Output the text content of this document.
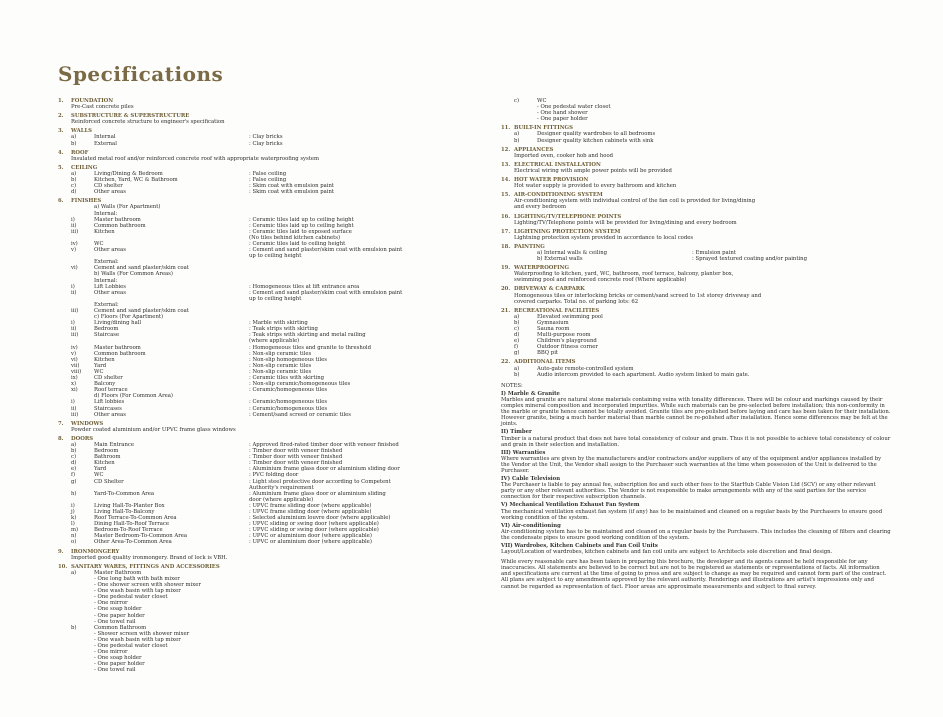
Specifications
1. FOUNDATION
Pre-Cast concrete piles
2. SUBSTRUCTURE & SUPERSTRUCTURE
Reinforced concrete structure to engineer's specification
3. WALLS
a)	Internal	: Clay bricks
b)	External	: Clay bricks
4. ROOF
Insulated metal roof and/or reinforced concrete roof with appropriate waterproofing system
5. CEILING
a)	Living/Dining & Bedroom	: False ceiling
b)	Kitchen, Yard, WC & Bathroom	: False ceiling
c)	CD shelter	: Skim coat with emulsion paint
d)	Other areas	: Skim coat with emulsion paint
6. FINISHES
a) Walls (For Apartment)
Internal:
i)	Master bathroom	: Ceramic tiles laid up to ceiling height
ii)	Common bathroom	: Ceramic tiles laid up to ceiling height
iii)	Kitchen	: Ceramic tiles laid to exposed surface
(No tiles behind kitchen cabinets)
iv)	WC	: Ceramic tiles laid to ceiling height
v)	Other areas	: Cement and sand plaster/skim coat with emulsion paint
up to ceiling height
External:
vi)	Cement and sand plaster/skim coat
b) Walls (For Common Areas)
Internal:
i)	Lift Lobbies	: Homogeneous tiles at lift entrance area
ii)	Other areas	: Cement and sand plaster/skim coat with emulsion paint
up to ceiling height
External:
iii)	Cement and sand plaster/skim coat
c) Floors (For Apartment)
i)	Living/dining hall	: Marble with skirting
ii)	Bedroom	: Teak strips with skirting
iii)	Staircase	: Teak strips with skirting and metal railing
(where applicable)
iv)	Master bathroom	: Homogeneous tiles and granite to threshold
v)	Common bathroom	: Non-slip ceramic tiles
vi)	Kitchen	: Non-slip homogeneous tiles
vii)	Yard	: Non-slip ceramic tiles
viii)	WC	: Non-slip ceramic tiles
ix)	CD shelter	: Ceramic tiles with skirting
x)	Balcony	: Non-slip ceramic/homogeneous tiles
xi)	Roof terrace	: Ceramic/homogeneous tiles
d) Floors (For Common Area)
i)	Lift lobbies	: Ceramic/homogeneous tiles
ii)	Staircases	: Ceramic/homogeneous tiles
iii)	Other areas	: Cement/sand screed or ceramic tiles
7. WINDOWS
Powder coated aluminium and/or UPVC frame glass windows
8. DOORS
a)	Main Entrance	: Approved fired-rated timber door with veneer finished
b)	Bedroom	: Timber door with veneer finished
c)	Bathroom	: Timber door with veneer finished
d)	Kitchen	: Timber door with veneer finished
e)	Yard	: Aluminium frame glass door or aluminium sliding door
f)	WC	: PVC folding door
g)	CD Shelter	: Light steel protective door according to Competent
Authority's requirement
h)	Yard-To-Common Area	: Aluminium frame glass door or aluminium sliding
door (where applicable)
i)	Living Hall-To-Planter Box	: UPVC frame sliding door (where applicable)
j)	Living Hall-To-Balcony	: UPVC frame sliding door (where applicable)
k)	Roof Terrace-To-Common Area	: Selected aluminium louvre door (where applicable)
l)	Dining Hall-To-Roof Terrace	: UPVC sliding or swing door (where applicable)
m)	Bedroom-To-Roof Terrace	: UPVC sliding or swing door (where applicable)
n)	Master Bedroom-To-Common Area	: UPVC or aluminium door (where applicable)
o)	Other Area-To-Common Area	: UPVC or aluminium door (where applicable)
9. IRONMONGERY
Imported good quality ironmongery. Brand of lock is VBH.
10. SANITARY WARES, FITTINGS AND ACCESSORIES
a)	Master Bathroom
- One long bath with bath mixer
- One shower screen with shower mixer
- One wash basin with tap mixer
- One pedestal water closet
- One mirror
- One soap holder
- One paper holder
- One towel rail
b)	Common Bathroom
- Shower screen with shower mixer
- One wash basin with tap mixer
- One pedestal water closet
- One mirror
- One soap holder
- One paper holder
- One towel rail
c)	WC
- One pedestal water closet
- One hand shower
- One paper holder
11. BUILT-IN FITTINGS
a)	Designer quality wardrobes to all bedrooms
b)	Designer quality kitchen cabinets with sink
12. APPLIANCES
Imported oven, cooker hob and hood
13. ELECTRICAL INSTALLATION
Electrical wiring with ample power points will be provided
14. HOT WATER PROVISION
Hot water supply is provided to every bathroom and kitchen
15. AIR-CONDITIONING SYSTEM
Air-conditioning system with individual control of the fan coil is provided for living/dining
and every bedroom
16. LIGHTING/TV/TELEPHONE POINTS
Lighting/TV/Telephone points will be provided for living/dining and every bedroom
17. LIGHTNING PROTECTION SYSTEM
Lightning protection system provided in accordance to local codes
18. PAINTING
a) Internal walls & ceiling	: Emulsion paint
b) External walls	: Sprayed textured coating and/or painting
19. WATERPROOFING
Waterproofing to kitchen, yard, WC, bathroom, roof terrace, balcony, planter box,
swimming pool and reinforced concrete roof (Where applicable)
20. DRIVEWAY & CARPARK
Homogeneous tiles or interlocking bricks or cement/sand screed to 1st storey driveway and
covered carparks. Total no. of parking lots: 62
21. RECREATIONAL FACILITIES
a)	Elevated swimming pool
b)	Gymnasium
c)	Sauna room
d)	Multi-purpose room
e)	Children's playground
f)	Outdoor fitness corner
g)	BBQ pit
22. ADDITIONAL ITEMS
a)	Auto-gate remote-controlled system
b)	Audio intercom provided to each apartment. Audio system linked to main gate.
NOTES:
I) Marble & Granite
Marbles and granite are natural stone materials containing veins with tonality differences. There will be colour and markings caused by their complex mineral composition and incorporated impurities. While such materials can be pre-selected before installation; this non-conformity in the marble or granite hence cannot be totally avoided. Granite tiles are pre-polished before laying and care has been taken for their installation. However granite, being a much harder material than marble cannot be re-polished after installation. Hence some differences may be felt at the joints.
II) Timber
Timber is a natural product that does not have total consistency of colour and grain. Thus it is not possible to achieve total consistency of colour and grain in their selection and installation.
III) Warranties
Where warranties are given by the manufacturers and/or contractors and/or suppliers of any of the equipment and/or appliances installed by the Vendor at the Unit, the Vendor shall assign to the Purchaser such warranties at the time when possession of the Unit is delivered to the Purchaser.
IV) Cable Television
The Purchaser is liable to pay annual fee, subscription fee and such other fees to the StarHub Cable Vision Ltd (SCV) or any other relevant party or any other relevant authorities. The Vendor is not responsible to make arrangements with any of the said parties for the service connection for their respective subscription channels.
V) Mechanical Ventilation Exhaust Fan System
The mechanical ventilation exhaust fan system (if any) has to be maintained and cleaned on a regular basis by the Purchasers to ensure good working condition of the system.
VI) Air-conditioning
Air-conditioning system has to be maintained and cleaned on a regular basis by the Purchasers. This includes the cleaning of filters and clearing the condensate pipes to ensure good working condition of the system.
VII) Wardrobes, Kitchen Cabinets and Fan Coil Units
Layout/Location of wardrobes, kitchen cabinets and fan coil units are subject to Architects sole discretion and final design.
While every reasonable care has been taken in preparing this brochure, the developer and its agents cannot be held responsible for any inaccuracies. All statements are believed to be correct but are not to be registered as statements or representations of facts. All information and specifications are current at the time of going to press and are subject to change as may be required and cannot form part of the contract. All plans are subject to any amendments approved by the relevant authority. Renderings and illustrations are artist's impressions only and cannot be regarded as representation of fact. Floor areas are approximate measurements and subject to final survey.
